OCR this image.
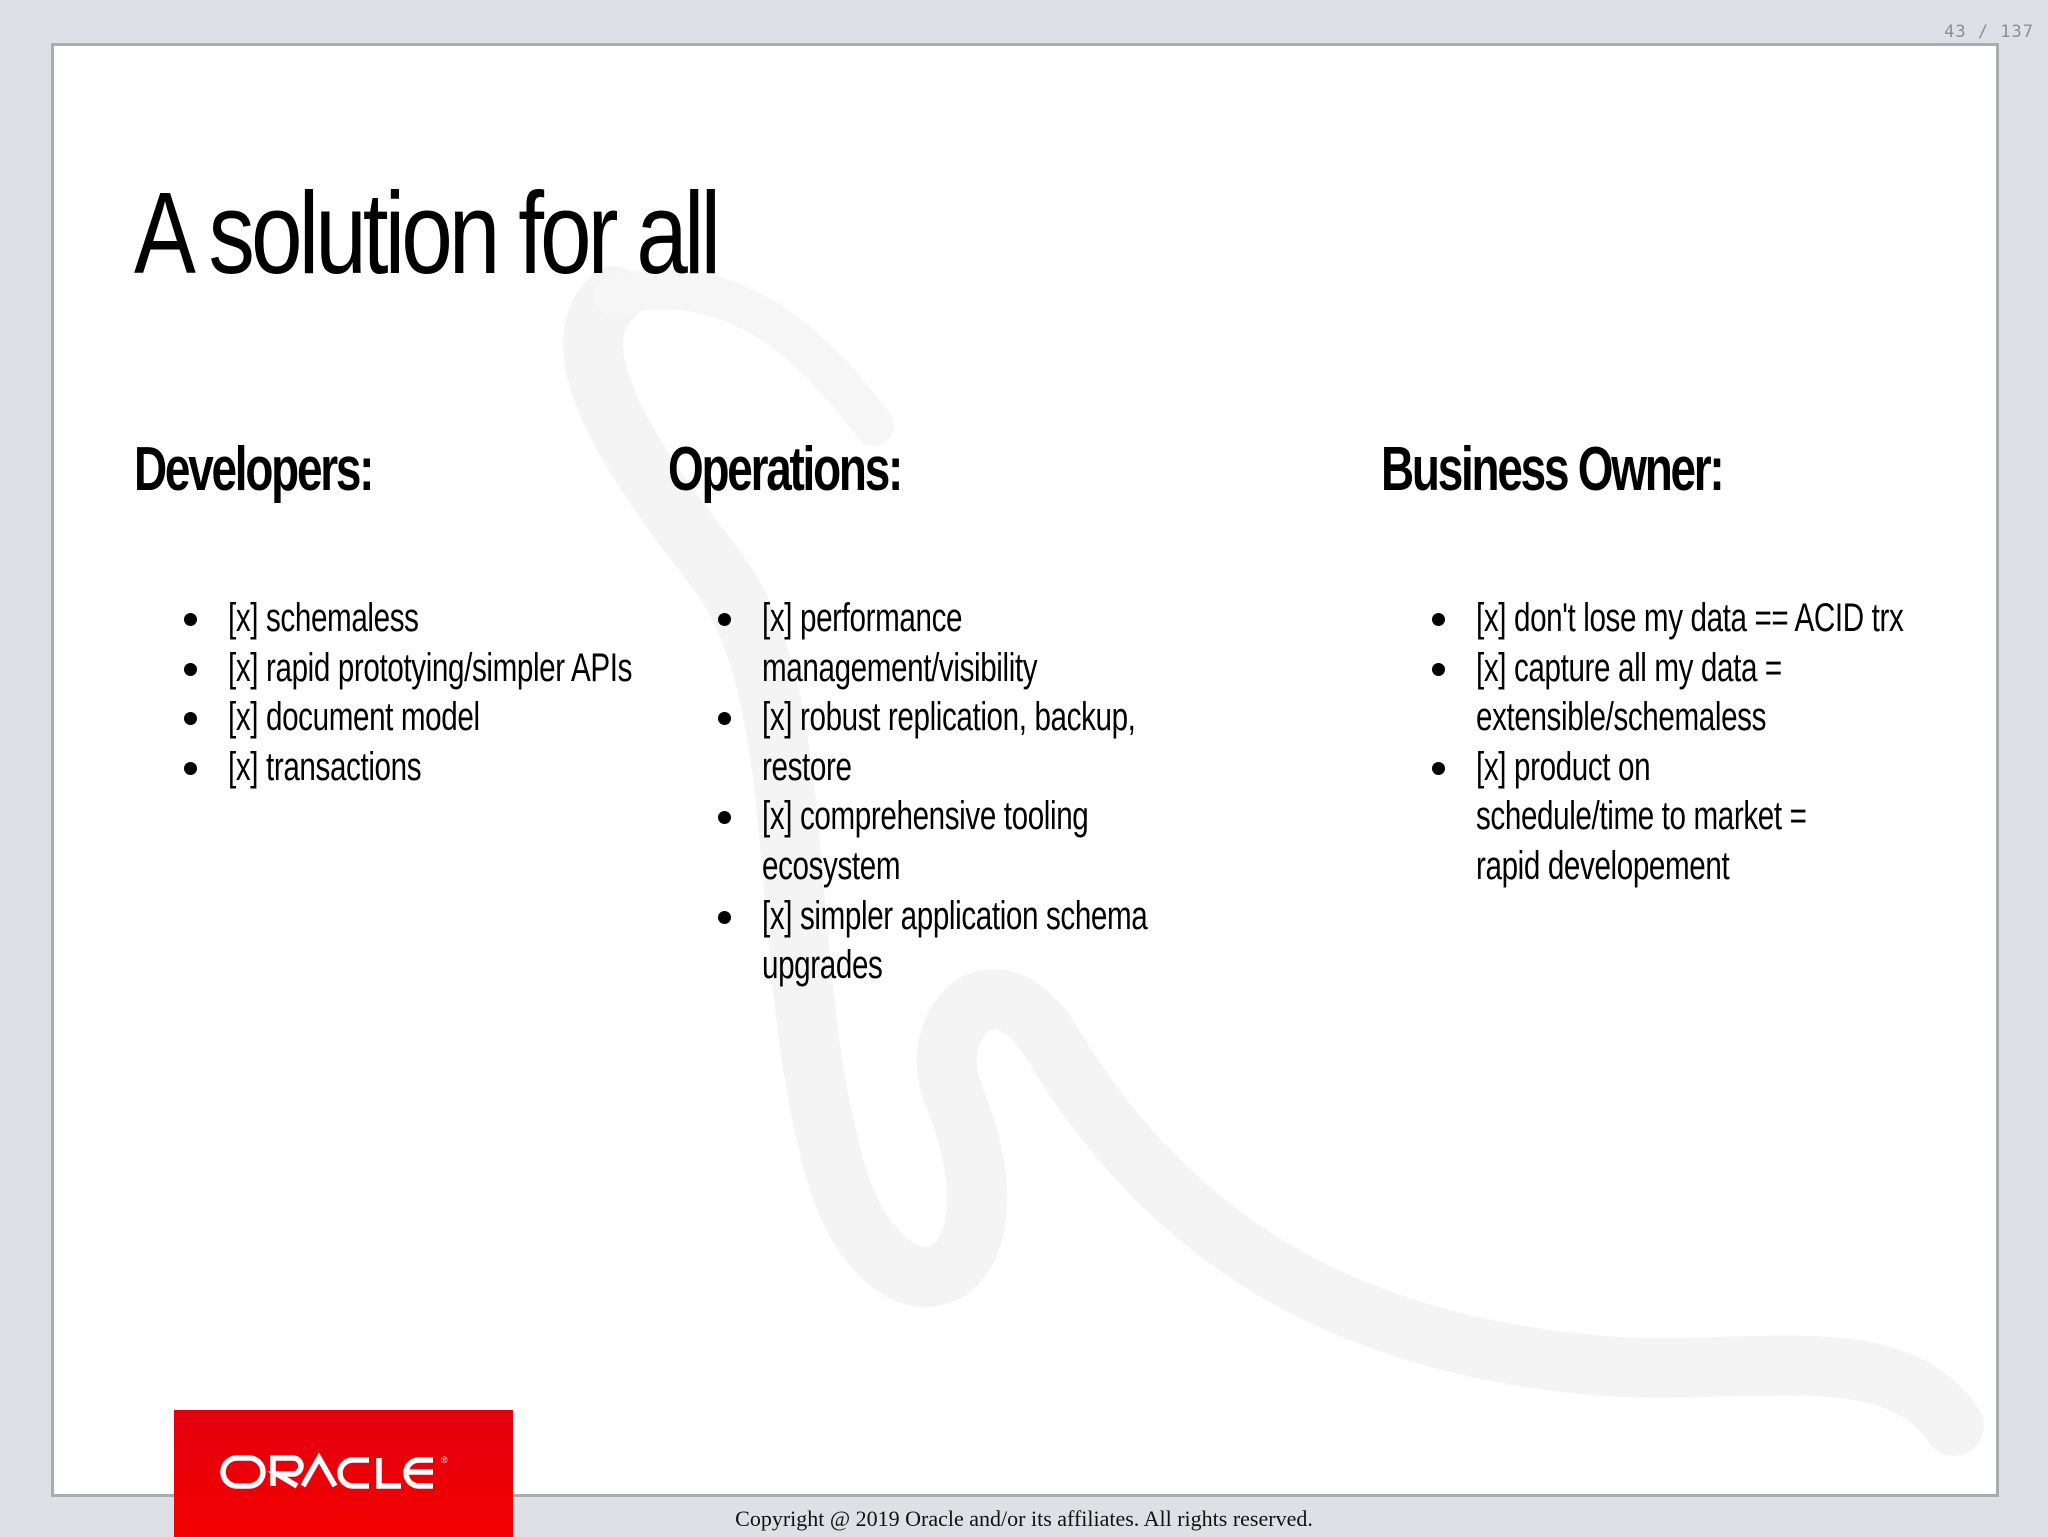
43 / 137
A solution for all
Developers:	Operations:	Business Owner:
[x] schemaless
[x] rapid prototying/simpler APIs
[x] document model
[x] transactions
[x] performance management/visibility
[x] robust replication, backup, restore
[x] comprehensive tooling ecosystem
[x] simpler application schema upgrades
[x] don't lose my data == ACID trx
[x] capture all my data = extensible/schemaless
[x] product on schedule/time to market = rapid developement
®
Copyright @ 2019 Oracle and/or its affiliates. All rights reserved.
